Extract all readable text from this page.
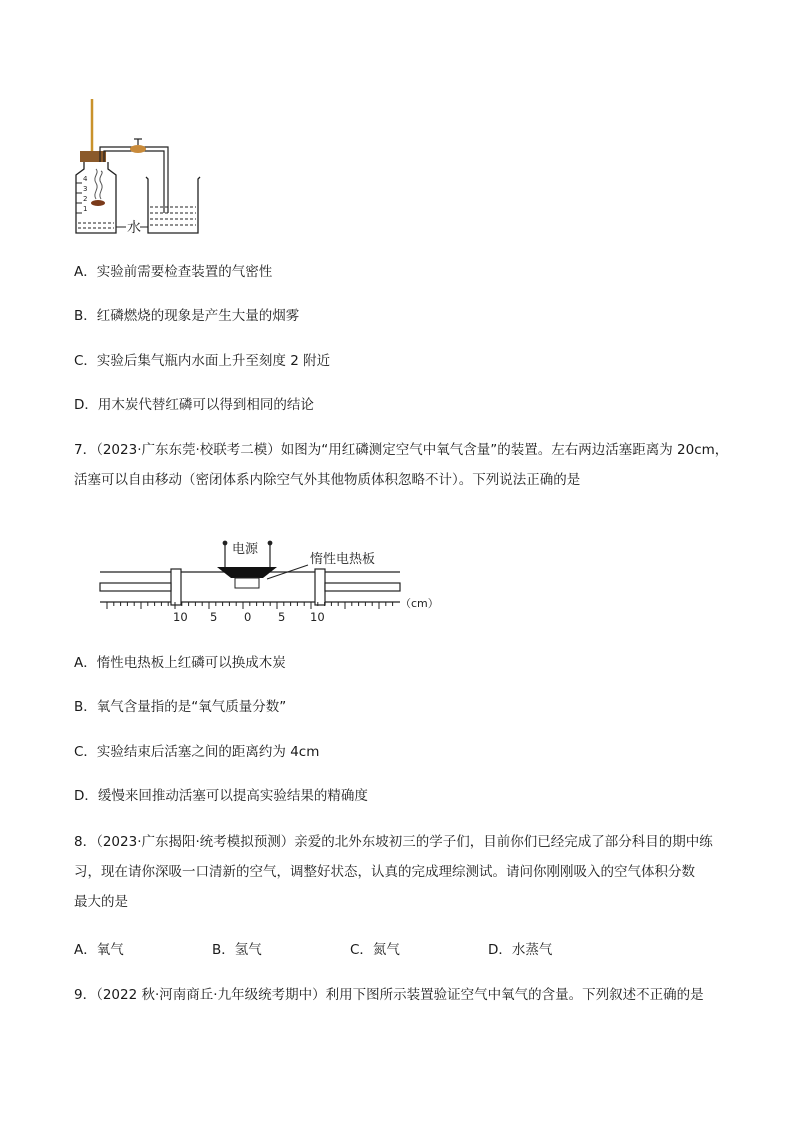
4
3
2
1
水
A．实验前需要检查装置的气密性
B．红磷燃烧的现象是产生大量的烟雾
C．实验后集气瓶内水面上升至刻度 2 附近
D．用木炭代替红磷可以得到相同的结论
7．（2023·广东东莞·校联考二模）如图为“用红磷测定空气中氧气含量”的装置。左右两边活塞距离为 20cm，
活塞可以自由移动（密闭体系内除空气外其他物质体积忽略不计）。下列说法正确的是
电源
惰性电热板
（cm）
10 5 0 5 10
A．惰性电热板上红磷可以换成木炭
B．氧气含量指的是“氧气质量分数”
C．实验结束后活塞之间的距离约为 4cm
D．缓慢来回推动活塞可以提高实验结果的精确度
8．（2023·广东揭阳·统考模拟预测）亲爱的北外东坡初三的学子们，目前你们已经完成了部分科目的期中练
习，现在请你深吸一口清新的空气，调整好状态，认真的完成理综测试。请问你刚刚吸入的空气体积分数
最大的是
A．氧气	B．氢气	C．氮气	D．水蒸气
9．（2022 秋·河南商丘·九年级统考期中）利用下图所示装置验证空气中氧气的含量。下列叙述不正确的是
